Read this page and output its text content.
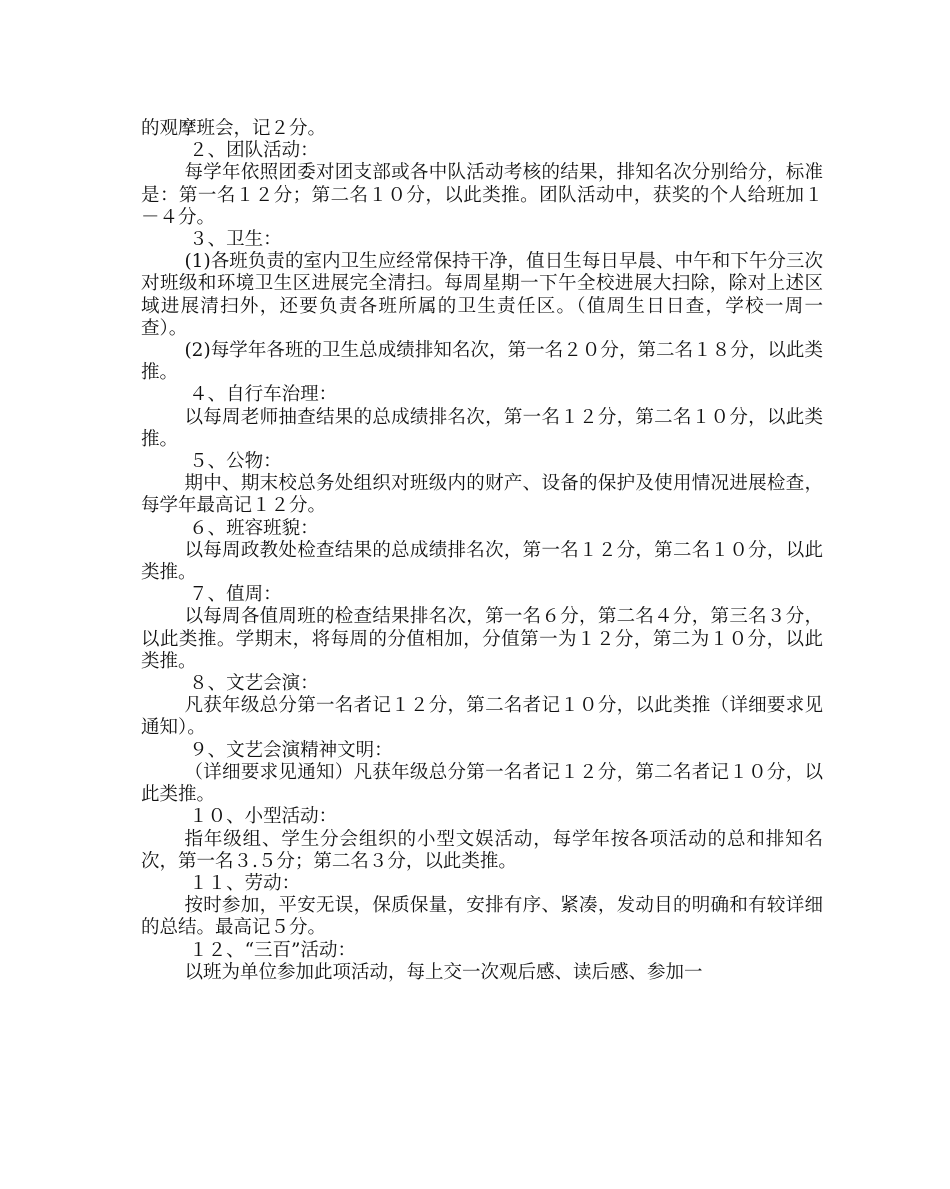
的观摩班会，记２分。

２、团队活动：

每学年依照团委对团支部或各中队活动考核的结果，排知名次分别给分，标准是：第一名１２分；第二名１０分，以此类推。团队活动中，获奖的个人给班加１－４分。

３、卫生：

(1)各班负责的室内卫生应经常保持干净，值日生每日早晨、中午和下午分三次对班级和环境卫生区进展完全清扫。每周星期一下午全校进展大扫除，除对上述区域进展清扫外，还要负责各班所属的卫生责任区。（值周生日日查，学校一周一查）。

(2)每学年各班的卫生总成绩排知名次，第一名２０分，第二名１８分，以此类推。

４、自行车治理：

以每周老师抽查结果的总成绩排名次，第一名１２分，第二名１０分，以此类推。

５、公物：

期中、期末校总务处组织对班级内的财产、设备的保护及使用情况进展检查，每学年最高记１２分。

６、班容班貌：

以每周政教处检查结果的总成绩排名次，第一名１２分，第二名１０分，以此类推。

７、值周：

以每周各值周班的检查结果排名次，第一名６分，第二名４分，第三名３分，以此类推。学期末，将每周的分值相加，分值第一为１２分，第二为１０分，以此类推。

８、文艺会演：

凡获年级总分第一名者记１２分，第二名者记１０分，以此类推（详细要求见通知）。

９、文艺会演精神文明：

（详细要求见通知）凡获年级总分第一名者记１２分，第二名者记１０分，以此类推。

１０、小型活动：

指年级组、学生分会组织的小型文娱活动，每学年按各项活动的总和排知名次，第一名３.５分；第二名３分，以此类推。

１１、劳动：

按时参加，平安无误，保质保量，安排有序、紧凑，发动目的明确和有较详细的总结。最高记５分。

１２、“三百”活动：

以班为单位参加此项活动，每上交一次观后感、读后感、参加一
